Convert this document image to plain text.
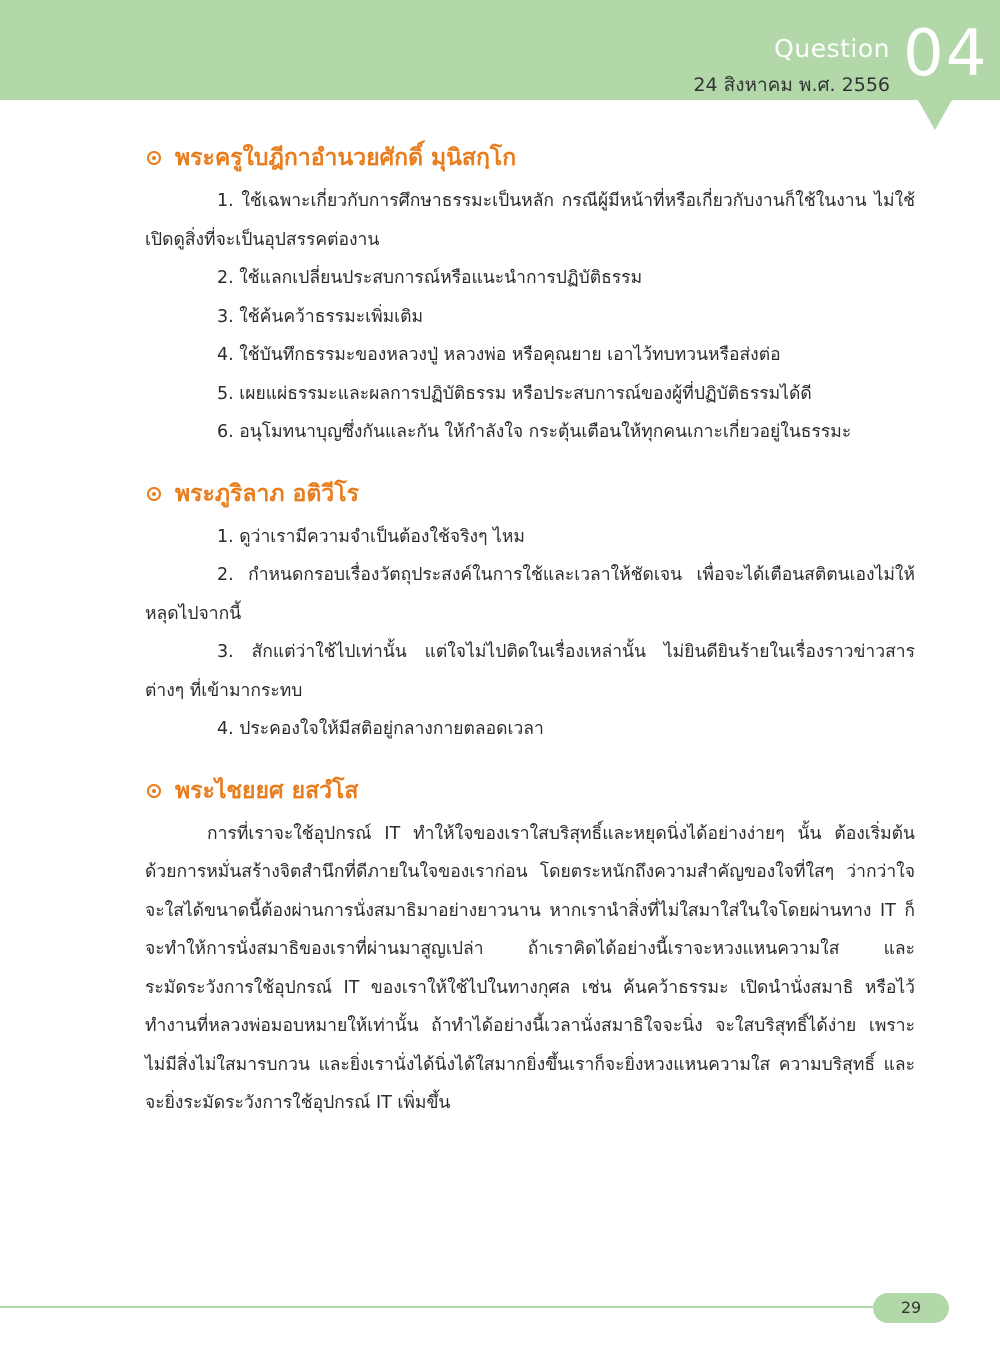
Question
24 สิงหาคม พ.ศ. 2556 04
พระครูใบฎีกาอำนวยศักดิ์ มุนิสกฺโก

1. ใช้เฉพาะเกี่ยวกับการศึกษาธรรมะเป็นหลัก กรณีผู้มีหน้าที่หรือเกี่ยวกับงานก็ใช้ในงาน ไม่ใช้เปิดดูสิ่งที่จะเป็นอุปสรรคต่องาน

2. ใช้แลกเปลี่ยนประสบการณ์หรือแนะนำการปฏิบัติธรรม

3. ใช้ค้นคว้าธรรมะเพิ่มเติม

4. ใช้บันทึกธรรมะของหลวงปู่ หลวงพ่อ หรือคุณยาย เอาไว้ทบทวนหรือส่งต่อ

5. เผยแผ่ธรรมะและผลการปฏิบัติธรรม หรือประสบการณ์ของผู้ที่ปฏิบัติธรรมได้ดี

6. อนุโมทนาบุญซึ่งกันและกัน ให้กำลังใจ กระตุ้นเตือนให้ทุกคนเกาะเกี่ยวอยู่ในธรรมะ

พระภูริลาภ อติวีโร

1. ดูว่าเรามีความจำเป็นต้องใช้จริงๆ ไหม

2. กำหนดกรอบเรื่องวัตถุประสงค์ในการใช้และเวลาให้ชัดเจน เพื่อจะได้เตือนสติตนเองไม่ให้หลุดไปจากนี้

3. สักแต่ว่าใช้ไปเท่านั้น แต่ใจไม่ไปติดในเรื่องเหล่านั้น ไม่ยินดียินร้ายในเรื่องราวข่าวสารต่างๆ ที่เข้ามากระทบ

4. ประคองใจให้มีสติอยู่กลางกายตลอดเวลา

พระไชยยศ ยสวํโส

การที่เราจะใช้อุปกรณ์ IT ทำให้ใจของเราใสบริสุทธิ์และหยุดนิ่งได้อย่างง่ายๆ นั้น ต้องเริ่มต้นด้วยการหมั่นสร้างจิตสำนึกที่ดีภายในใจของเราก่อน โดยตระหนักถึงความสำคัญของใจที่ใสๆ ว่ากว่าใจจะใสได้ขนาดนี้ต้องผ่านการนั่งสมาธิมาอย่างยาวนาน หากเรานำสิ่งที่ไม่ใสมาใส่ในใจโดยผ่านทาง IT ก็จะทำให้การนั่งสมาธิของเราที่ผ่านมาสูญเปล่า ถ้าเราคิดได้อย่างนี้เราจะหวงแหนความใส และระมัดระวังการใช้อุปกรณ์ IT ของเราให้ใช้ไปในทางกุศล เช่น ค้นคว้าธรรมะ เปิดนำนั่งสมาธิ หรือไว้ทำงานที่หลวงพ่อมอบหมายให้เท่านั้น ถ้าทำได้อย่างนี้เวลานั่งสมาธิใจจะนิ่ง จะใสบริสุทธิ์ได้ง่าย เพราะไม่มีสิ่งไม่ใสมารบกวน และยิ่งเรานั่งได้นิ่งได้ใสมากยิ่งขึ้นเราก็จะยิ่งหวงแหนความใส ความบริสุทธิ์ และจะยิ่งระมัดระวังการใช้อุปกรณ์ IT เพิ่มขึ้น

29
